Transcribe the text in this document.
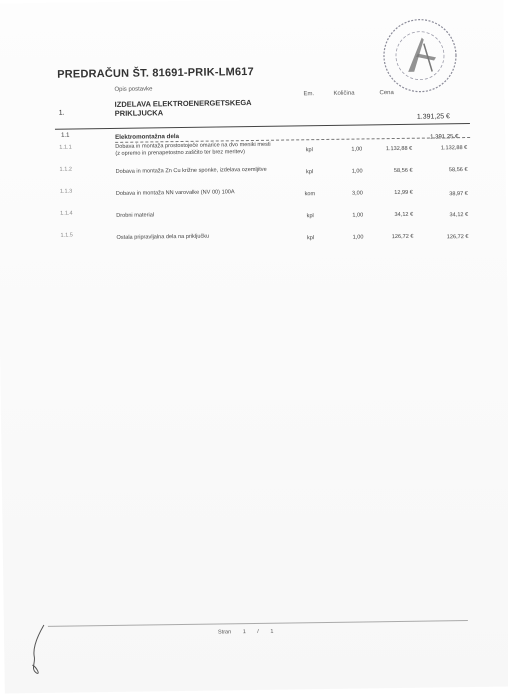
PREDRAČUN ŠT. 81691-PRIK-LM617
Opis postavke
Em.	Količina	Cena
1.
IZDELAVA ELEKTROENERGETSKEGA
PRIKLJUCKA	1.391,25 €
1.1	Elektromontažna dela	1.391,25 €
1.1.1	Dobava in montaža prostostoječe omarice na dvo meniki mesti
(z opremo in prenapetostno zaščito ter brez meritev)	kpl	1,00	1.132,88 €	1.132,88 €
1.1.2	Dobava in montaža Zn Cu križne sponke, izdelava ozemljitve	kpl	1,00	58,56 €	58,56 €
1.1.3	Dobava in montaža NN varovalke (NV 00) 100A	kom	3,00	12,99 €	38,97 €
1.1.4	Drobni material	kpl	1,00	34,12 €	34,12 €
1.1.5	Ostala pripravljalna dela na priključku	kpl	1,00	126,72 €	126,72 €
Stran 1 / 1
